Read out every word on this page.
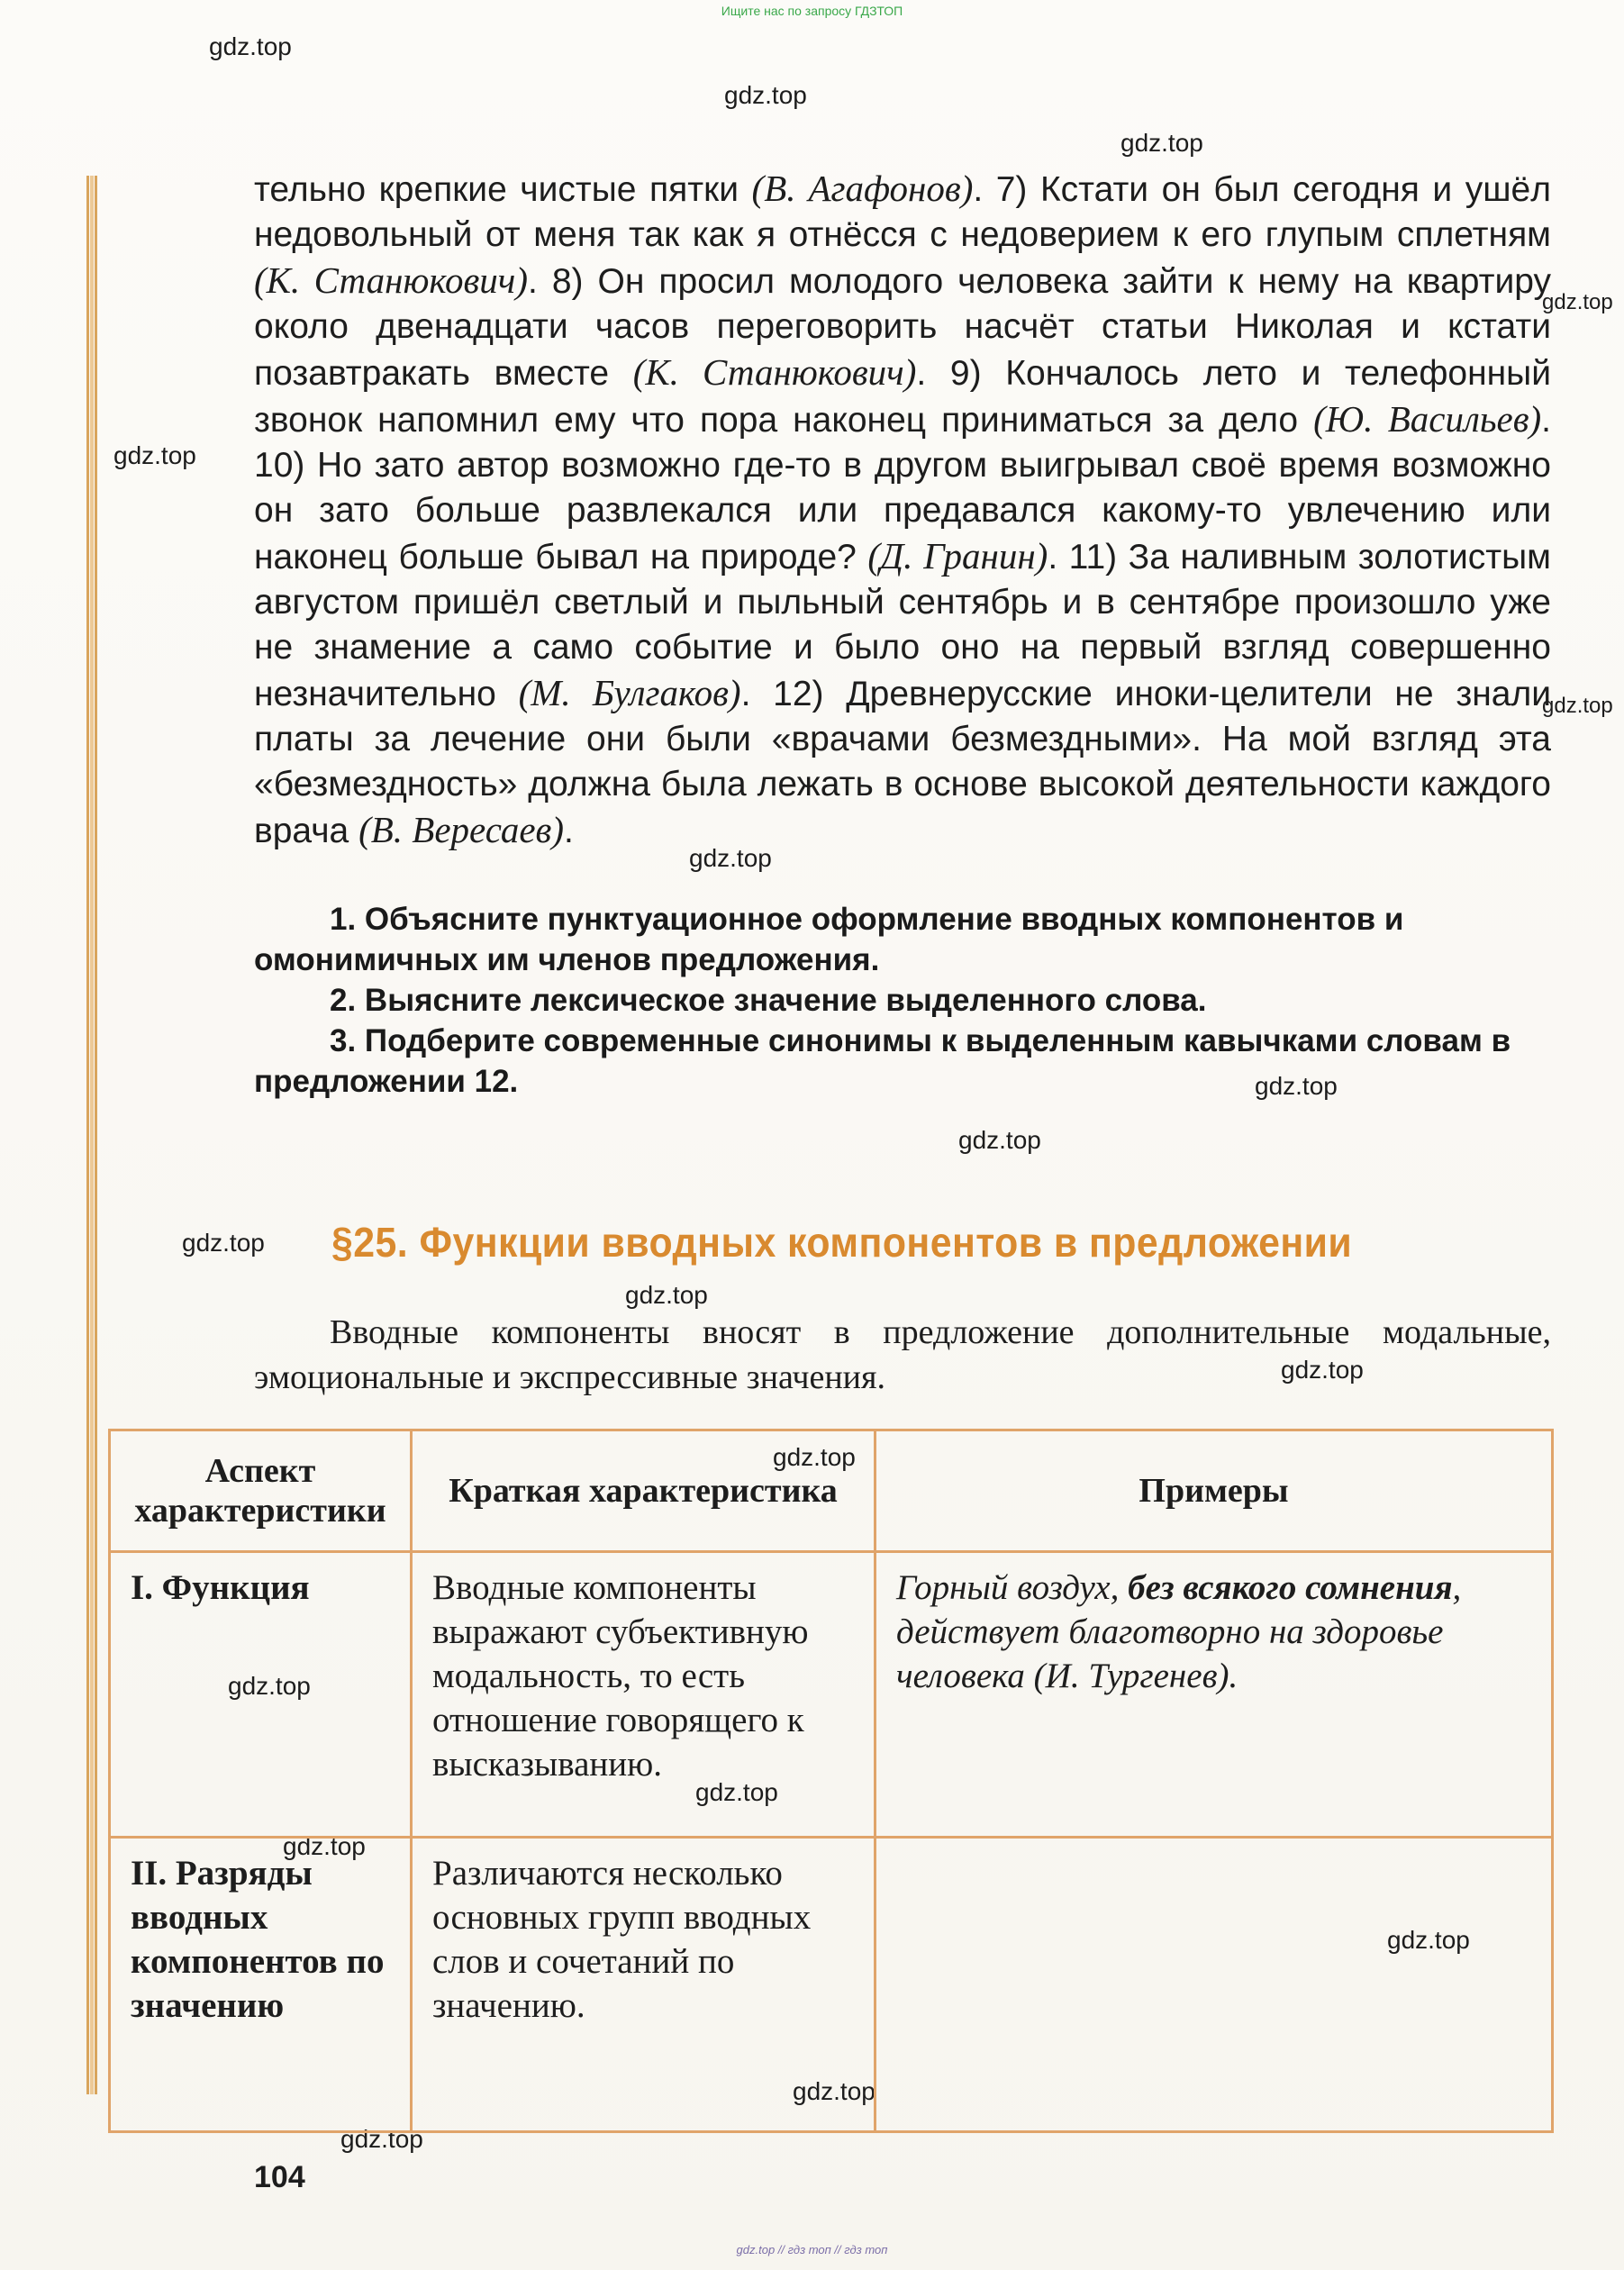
Ищите нас по запросу ГДЗТОП
gdz.top
gdz.top
gdz.top
gdz.top
gdz.top
gdz.top
gdz.top
gdz.top
gdz.top
gdz.top
gdz.top
gdz.top
gdz.top
gdz.top
gdz.top
gdz.top
gdz.top
gdz.top
gdz.top

тельно крепкие чистые пятки (В. Агафонов). 7) Кстати он был сегодня и ушёл недовольный от меня так как я отнёсся с недоверием к его глупым сплетням (К. Станюкович). 8) Он просил молодого человека зайти к нему на квартиру около двенадцати часов переговорить насчёт статьи Николая и кстати позавтракать вместе (К. Станюкович). 9) Кончалось лето и телефонный звонок напомнил ему что пора наконец приниматься за дело (Ю. Васильев). 10) Но зато автор возможно где-то в другом выигрывал своё время возможно он зато больше развлекался или предавался какому-то увлечению или наконец больше бывал на природе? (Д. Гранин). 11) За наливным золотистым августом пришёл светлый и пыльный сентябрь и в сентябре произошло уже не знамение а само событие и было оно на первый взгляд совершенно незначительно (М. Булгаков). 12) Древнерусские иноки-целители не знали платы за лечение они были «врачами безмездными». На мой взгляд эта «безмездность» должна была лежать в основе высокой деятельности каждого врача (В. Вересаев).

1. Объясните пунктуационное оформление вводных компонентов и омонимичных им членов предложения.

2. Выясните лексическое значение выделенного слова.

3. Подберите современные синонимы к выделенным кавычками словам в предложении 12.

§25. Функции вводных компонентов в предложении

Вводные компоненты вносят в предложение дополнительные модальные, эмоциональные и экспрессивные значения.

Аспект характеристики	Краткая характеристика	Примеры
I. Функция	Вводные компоненты выражают субъективную модальность, то есть отношение говорящего к высказыванию.	Горный воздух, без всякого сомнения, действует благотворно на здоровье человека (И. Тургенев).
II. Разряды вводных компонентов по значению	Различаются несколько основных групп вводных слов и сочетаний по значению.	
104
gdz.top // гдз топ // гдз топ
